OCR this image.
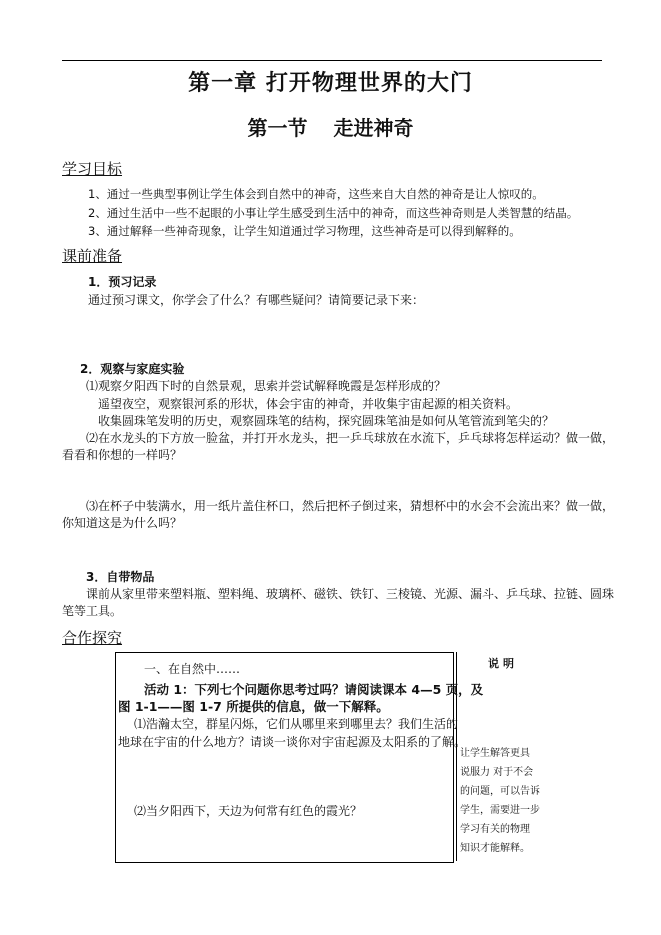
第一章 打开物理世界的大门
第一节 走进神奇
学习目标
1、通过一些典型事例让学生体会到自然中的神奇，这些来自大自然的神奇是让人惊叹的。
2、通过生活中一些不起眼的小事让学生感受到生活中的神奇，而这些神奇则是人类智慧的结晶。
3、通过解释一些神奇现象，让学生知道通过学习物理，这些神奇是可以得到解释的。
课前准备
1．预习记录
通过预习课文，你学会了什么？有哪些疑问？请简要记录下来：
2．观察与家庭实验
⑴观察夕阳西下时的自然景观，思索并尝试解释晚霞是怎样形成的？
遥望夜空，观察银河系的形状，体会宇宙的神奇，并收集宇宙起源的相关资料。
收集圆珠笔发明的历史，观察圆珠笔的结构，探究圆珠笔油是如何从笔管流到笔尖的？
⑵在水龙头的下方放一脸盆，并打开水龙头，把一乒乓球放在水流下，乒乓球将怎样运动？做一做，
看看和你想的一样吗？
⑶在杯子中装满水，用一纸片盖住杯口，然后把杯子倒过来，猜想杯中的水会不会流出来？做一做，
你知道这是为什么吗？
3．自带物品
课前从家里带来塑料瓶、塑料绳、玻璃杯、磁铁、铁钉、三棱镜、光源、漏斗、乒乓球、拉链、圆珠
笔等工具。
合作探究
一、在自然中……
活动 1：下列七个问题你思考过吗？请阅读课本 4—5 页，及
图 1-1——图 1-7 所提供的信息，做一下解释。
⑴浩瀚太空，群星闪烁，它们从哪里来到哪里去？我们生活的
地球在宇宙的什么地方？请谈一谈你对宇宙起源及太阳系的了解。
⑵当夕阳西下，天边为何常有红色的霞光？
说明
让学生解答更具
说服力 对于不会
的问题，可以告诉
学生，需要进一步
学习有关的物理
知识才能解释。
